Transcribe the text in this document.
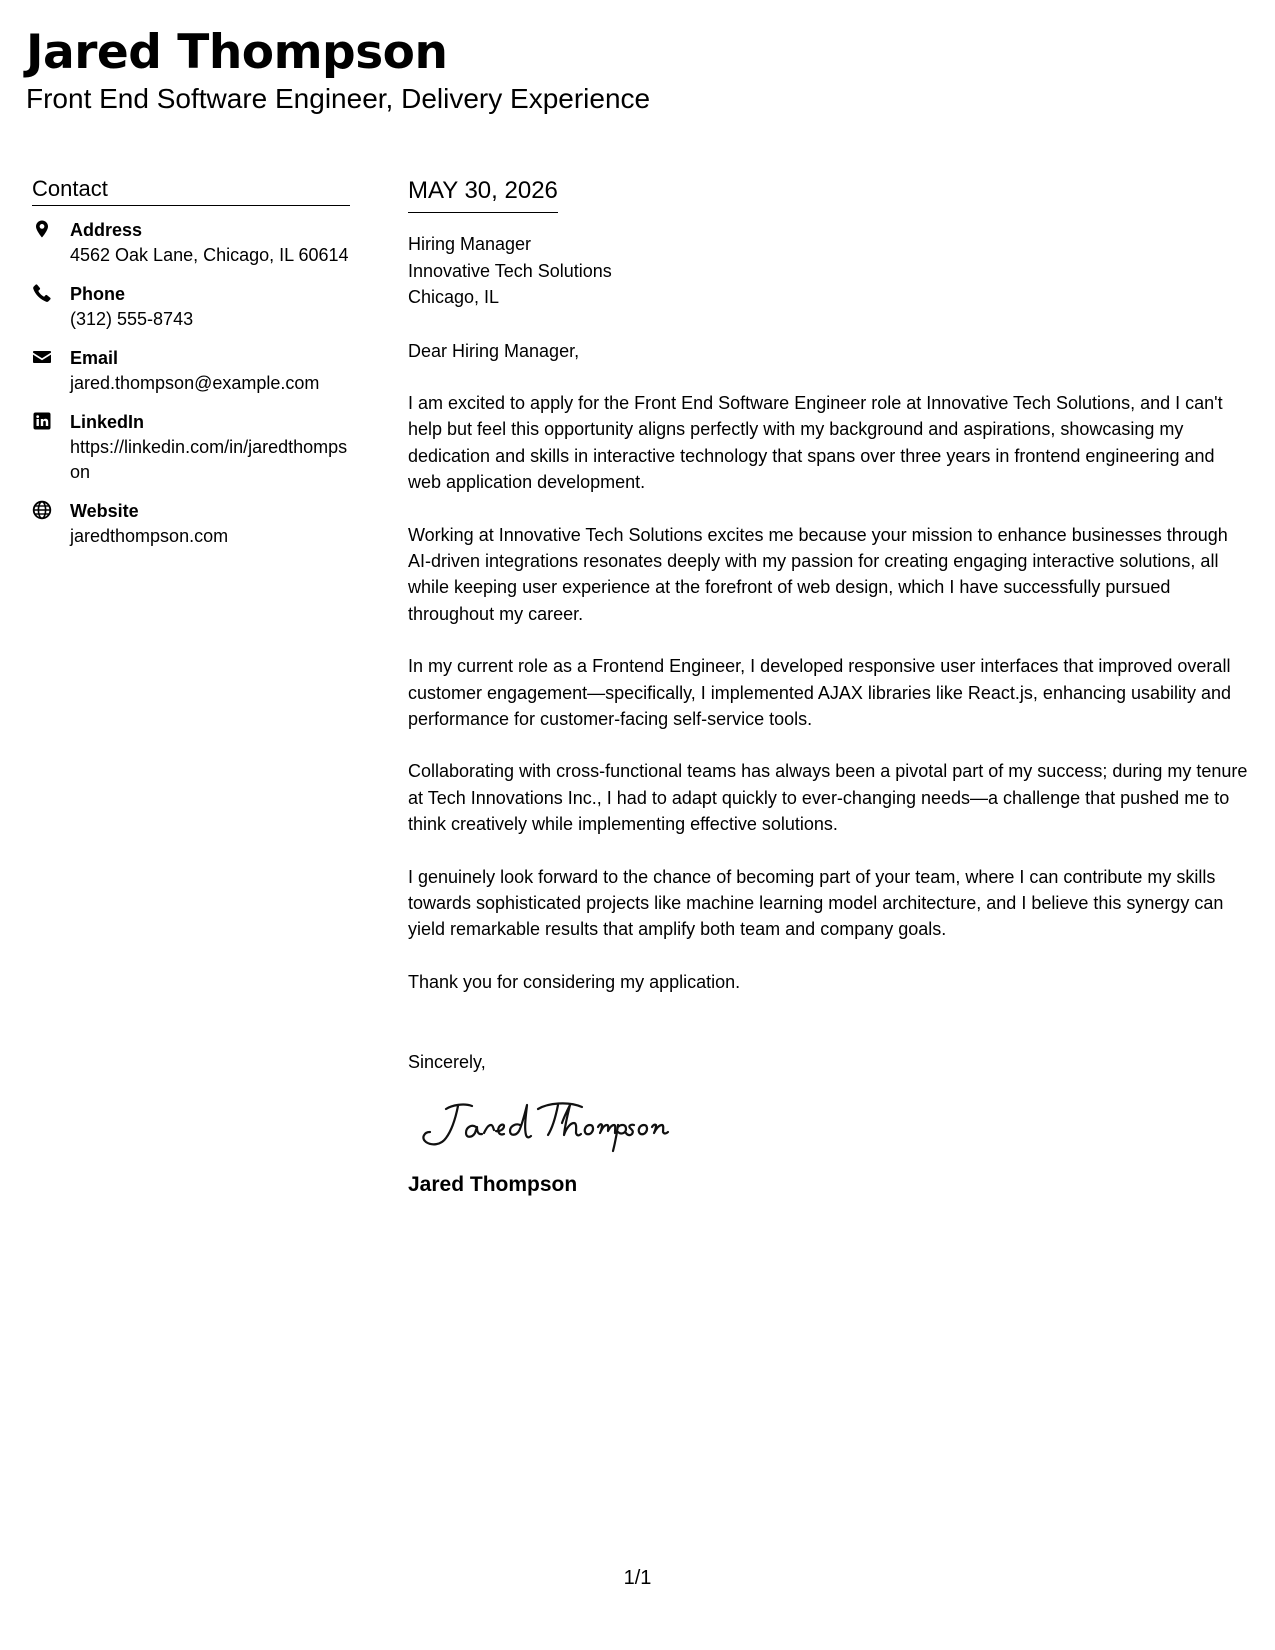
Jared Thompson
Front End Software Engineer, Delivery Experience
Contact
Address
4562 Oak Lane, Chicago, IL 60614
Phone
(312) 555-8743
Email
jared.thompson@example.com
LinkedIn
https://linkedin.com/in/jaredthompson
Website
jaredthompson.com
MAY 30, 2026
Hiring Manager
Innovative Tech Solutions
Chicago, IL

Dear Hiring Manager,

I am excited to apply for the Front End Software Engineer role at Innovative Tech Solutions, and I can't help but feel this opportunity aligns perfectly with my background and aspirations, showcasing my dedication and skills in interactive technology that spans over three years in frontend engineering and web application development.

Working at Innovative Tech Solutions excites me because your mission to enhance businesses through AI-driven integrations resonates deeply with my passion for creating engaging interactive solutions, all while keeping user experience at the forefront of web design, which I have successfully pursued throughout my career.

In my current role as a Frontend Engineer, I developed responsive user interfaces that improved overall customer engagement—specifically, I implemented AJAX libraries like React.js, enhancing usability and performance for customer-facing self-service tools.

Collaborating with cross-functional teams has always been a pivotal part of my success; during my tenure at Tech Innovations Inc., I had to adapt quickly to ever-changing needs—a challenge that pushed me to think creatively while implementing effective solutions.

I genuinely look forward to the chance of becoming part of your team, where I can contribute my skills towards sophisticated projects like machine learning model architecture, and I believe this synergy can yield remarkable results that amplify both team and company goals.

Thank you for considering my application.

Sincerely,
Jared Thompson
1/1
